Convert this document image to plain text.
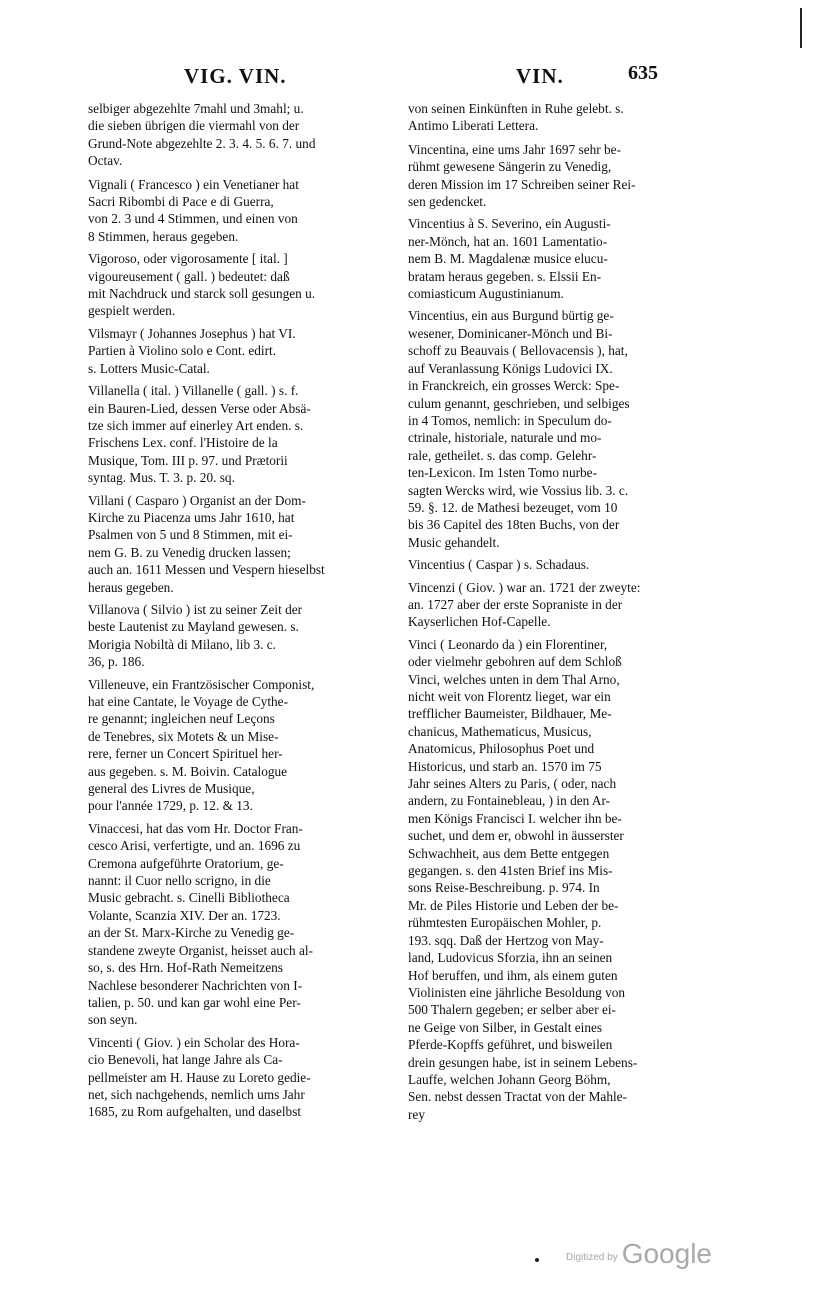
VIG. VIN.	VIN.	635
selbiger abgezehlte 7mahl und 3mahl; u.
die sieben übrigen die viermahl von der
Grund-Note abgezehlte 2. 3. 4. 5. 6. 7. und
Octav.
Vignali ( Francesco ) ein Venetianer hat
Sacri Ribombi di Pace e di Guerra,
von 2. 3 und 4 Stimmen, und einen von
8 Stimmen, heraus gegeben.
Vigoroso, oder vigorosamente [ ital. ]
vigoureusement ( gall. ) bedeutet: daß
mit Nachdruck und starck soll gesungen u.
gespielt werden.
Vilsmayr ( Johannes Josephus ) hat VI.
Partien à Violino solo e Cont. edirt.
s. Lotters Music-Catal.
Villanella ( ital. ) Villanelle ( gall. ) s. f.
ein Bauren-Lied, dessen Verse oder Absä-
tze sich immer auf einerley Art enden. s.
Frischens Lex. conf. l'Histoire de la
Musique, Tom. III p. 97. und Prætorii
syntag. Mus. T. 3. p. 20. sq.
Villani ( Casparo ) Organist an der Dom-
Kirche zu Piacenza ums Jahr 1610, hat
Psalmen von 5 und 8 Stimmen, mit ei-
nem G. B. zu Venedig drucken lassen;
auch an. 1611 Messen und Vespern hieselbst
heraus gegeben.
Villanova ( Silvio ) ist zu seiner Zeit der
beste Lautenist zu Mayland gewesen. s.
Morigia Nobiltà di Milano, lib 3. c.
36, p. 186.
Villeneuve, ein Frantzösischer Componist,
hat eine Cantate, le Voyage de Cythe-
re genannt; ingleichen neuf Leçons
de Tenebres, six Motets & un Mise-
rere, ferner un Concert Spirituel her-
aus gegeben. s. M. Boivin. Catalogue
general des Livres de Musique,
pour l'année 1729, p. 12. & 13.
Vinaccesi, hat das vom Hr. Doctor Fran-
cesco Arisi, verfertigte, und an. 1696 zu
Cremona aufgeführte Oratorium, ge-
nannt: il Cuor nello scrigno, in die
Music gebracht. s. Cinelli Bibliotheca
Volante, Scanzia XIV. Der an. 1723.
an der St. Marx-Kirche zu Venedig ge-
standene zweyte Organist, heisset auch al-
so, s. des Hrn. Hof-Rath Nemeitzens
Nachlese besonderer Nachrichten von I-
talien, p. 50. und kan gar wohl eine Per-
son seyn.
Vincenti ( Giov. ) ein Scholar des Hora-
cio Benevoli, hat lange Jahre als Ca-
pellmeister am H. Hause zu Loreto gedie-
net, sich nachgehends, nemlich ums Jahr
1685, zu Rom aufgehalten, und daselbst
von seinen Einkünften in Ruhe gelebt. s.
Antimo Liberati Lettera.
Vincentina, eine ums Jahr 1697 sehr be-
rühmt gewesene Sängerin zu Venedig,
deren Mission im 17 Schreiben seiner Rei-
sen gedencket.
Vincentius à S. Severino, ein Augusti-
ner-Mönch, hat an. 1601 Lamentatio-
nem B. M. Magdalenæ musice elucu-
bratam heraus gegeben. s. Elssii En-
comiasticum Augustinianum.
Vincentius, ein aus Burgund bürtig ge-
wesener, Dominicaner-Mönch und Bi-
schoff zu Beauvais ( Bellovacensis ), hat,
auf Veranlassung Königs Ludovici IX.
in Franckreich, ein grosses Werck: Spe-
culum genannt, geschrieben, und selbiges
in 4 Tomos, nemlich: in Speculum do-
ctrinale, historiale, naturale und mo-
rale, getheilet. s. das comp. Gelehr-
ten-Lexicon. Im 1sten Tomo nurbe-
sagten Wercks wird, wie Vossius lib. 3. c.
59. §. 12. de Mathesi bezeuget, vom 10
bis 36 Capitel des 18ten Buchs, von der
Music gehandelt.
Vincentius ( Caspar ) s. Schadaus.
Vincenzi ( Giov. ) war an. 1721 der zweyte:
an. 1727 aber der erste Sopraniste in der
Kayserlichen Hof-Capelle.
Vinci ( Leonardo da ) ein Florentiner,
oder vielmehr gebohren auf dem Schloß
Vinci, welches unten in dem Thal Arno,
nicht weit von Florentz lieget, war ein
trefflicher Baumeister, Bildhauer, Me-
chanicus, Mathematicus, Musicus,
Anatomicus, Philosophus Poet und
Historicus, und starb an. 1570 im 75
Jahr seines Alters zu Paris, ( oder, nach
andern, zu Fontainebleau, ) in den Ar-
men Königs Francisci I. welcher ihn be-
suchet, und dem er, obwohl in äusserster
Schwachheit, aus dem Bette entgegen
gegangen. s. den 41sten Brief ins Mis-
sons Reise-Beschreibung. p. 974. In
Mr. de Piles Historie und Leben der be-
rühmtesten Europäischen Mohler, p.
193. sqq. Daß der Hertzog von May-
land, Ludovicus Sforzia, ihn an seinen
Hof beruffen, und ihm, als einem guten
Violinisten eine jährliche Besoldung von
500 Thalern gegeben; er selber aber ei-
ne Geige von Silber, in Gestalt eines
Pferde-Kopffs geführet, und bisweilen
drein gesungen habe, ist in seinem Lebens-
Lauffe, welchen Johann Georg Böhm,
Sen. nebst dessen Tractat von der Mahle-
rey
Digitized by Google
